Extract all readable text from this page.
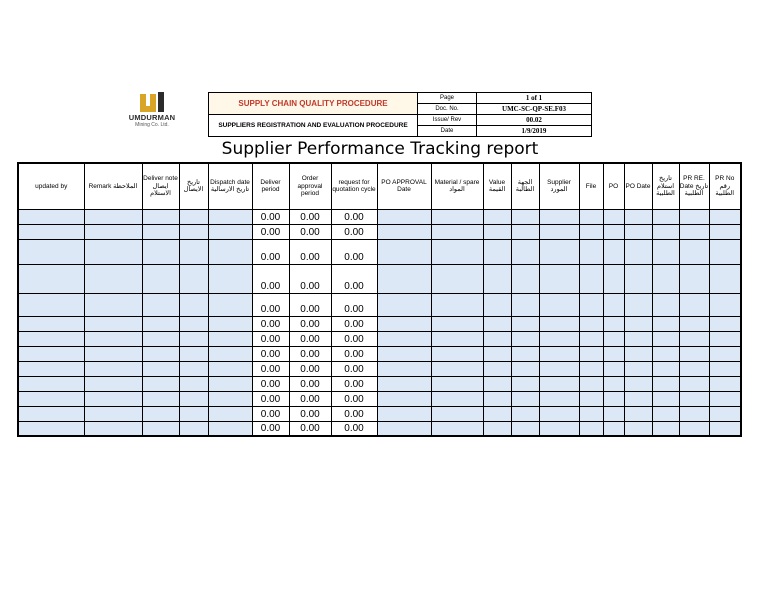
UMDURMAN
Mining Co. Ltd.
SUPPLY CHAIN QUALITY PROCEDURE	Page	1 of 1
	Doc. No.	UMC-SC-QP-SE.F03
SUPPLIERS REGISTRATION AND EVALUATION PROCEDURE	Issue/ Rev	00.02
	Date	1/9/2019
Supplier Performance Tracking report
updated by	Remark الملاحظة	Deliver note ايصال الاستلام	تاريخ الايصال	Dispatch date تاريخ الارسالية	Deliver period	Order approval period	request for quotation cycle	PO APPROVAL Date	Material / spare المواد	Value القيمة	الجهة الطالبة	Supplier المورد	File	PO	PO Date	تاريخ استلام الطلبية	PR RE. Date تاريخ الطلبية	PR No رقم الطلبية
					0.00	0.00	0.00											
					0.00	0.00	0.00											
					0.00	0.00	0.00											
					0.00	0.00	0.00											
					0.00	0.00	0.00											
					0.00	0.00	0.00											
					0.00	0.00	0.00											
					0.00	0.00	0.00											
					0.00	0.00	0.00											
					0.00	0.00	0.00											
					0.00	0.00	0.00											
					0.00	0.00	0.00											
					0.00	0.00	0.00											
